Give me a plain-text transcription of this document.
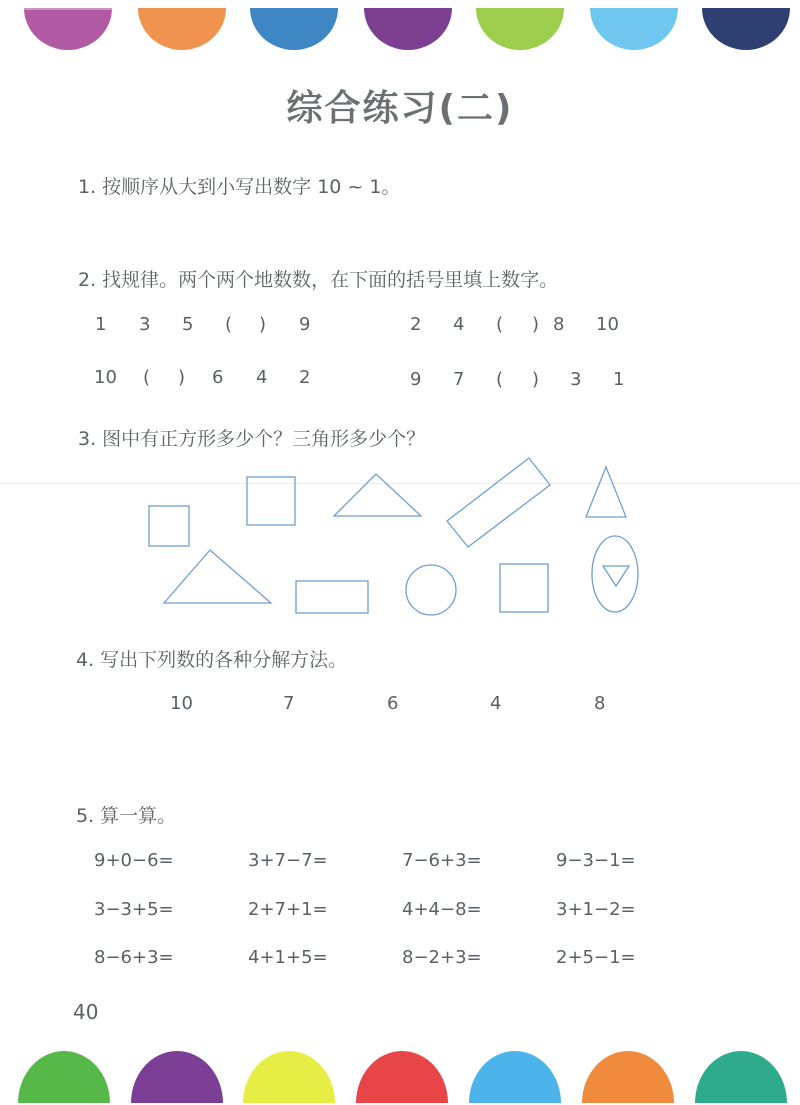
综合练习(二)
1. 按顺序从大到小写出数字 10 ~ 1。
2. 找规律。两个两个地数数，在下面的括号里填上数字。
1 3 5 ( ) 9	2 4 ( ) 8 10
10 ( ) 6 4 2	9 7 ( ) 3 1
3. 图中有正方形多少个？三角形多少个？
4. 写出下列数的各种分解方法。
10	7	6	4	8
5. 算一算。
9+0−6=	3+7−7=	7−6+3=	9−3−1=
3−3+5=	2+7+1=	4+4−8=	3+1−2=
8−6+3=	4+1+5=	8−2+3=	2+5−1=
40
